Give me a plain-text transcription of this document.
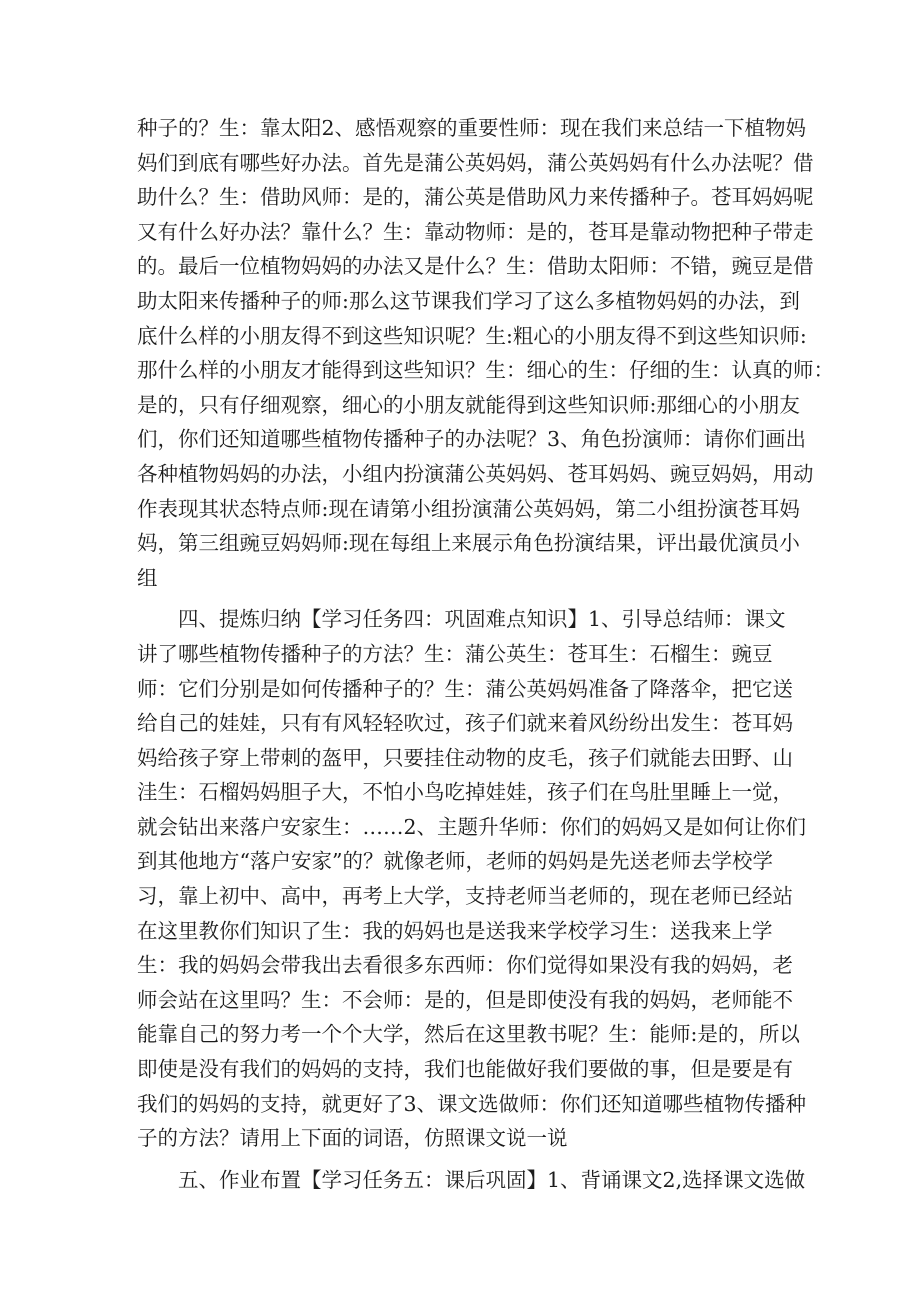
种子的？生：靠太阳2、感悟观察的重要性师：现在我们来总结一下植物妈
妈们到底有哪些好办法。首先是蒲公英妈妈，蒲公英妈妈有什么办法呢？借
助什么？生：借助风师：是的，蒲公英是借助风力来传播种子。苍耳妈妈呢
又有什么好办法？靠什么？生：靠动物师：是的，苍耳是靠动物把种子带走
的。最后一位植物妈妈的办法又是什么？生：借助太阳师：不错，豌豆是借
助太阳来传播种子的师:那么这节课我们学习了这么多植物妈妈的办法，到
底什么样的小朋友得不到这些知识呢？生:粗心的小朋友得不到这些知识师:
那什么样的小朋友才能得到这些知识？生：细心的生：仔细的生：认真的师：
是的，只有仔细观察，细心的小朋友就能得到这些知识师:那细心的小朋友
们，你们还知道哪些植物传播种子的办法呢？3、角色扮演师：请你们画出
各种植物妈妈的办法，小组内扮演蒲公英妈妈、苍耳妈妈、豌豆妈妈，用动
作表现其状态特点师:现在请第小组扮演蒲公英妈妈，第二小组扮演苍耳妈
妈，第三组豌豆妈妈师:现在每组上来展示角色扮演结果，评出最优演员小
组
　　四、提炼归纳【学习任务四：巩固难点知识】1、引导总结师：课文
讲了哪些植物传播种子的方法？生：蒲公英生：苍耳生：石榴生：豌豆
师：它们分别是如何传播种子的？生：蒲公英妈妈准备了降落伞，把它送
给自己的娃娃，只有有风轻轻吹过，孩子们就来着风纷纷出发生：苍耳妈
妈给孩子穿上带刺的盔甲，只要挂住动物的皮毛，孩子们就能去田野、山
洼生：石榴妈妈胆子大，不怕小鸟吃掉娃娃，孩子们在鸟肚里睡上一觉，
就会钻出来落户安家生：……2、主题升华师：你们的妈妈又是如何让你们
到其他地方“落户安家”的？就像老师，老师的妈妈是先送老师去学校学
习，靠上初中、高中，再考上大学，支持老师当老师的，现在老师已经站
在这里教你们知识了生：我的妈妈也是送我来学校学习生：送我来上学
生：我的妈妈会带我出去看很多东西师：你们觉得如果没有我的妈妈，老
师会站在这里吗？生：不会师：是的，但是即使没有我的妈妈，老师能不
能靠自己的努力考一个个大学，然后在这里教书呢？生：能师:是的，所以
即使是没有我们的妈妈的支持，我们也能做好我们要做的事，但是要是有
我们的妈妈的支持，就更好了3、课文选做师：你们还知道哪些植物传播种
子的方法？请用上下面的词语，仿照课文说一说
　　五、作业布置【学习任务五：课后巩固】1、背诵课文2,选择课文选做
